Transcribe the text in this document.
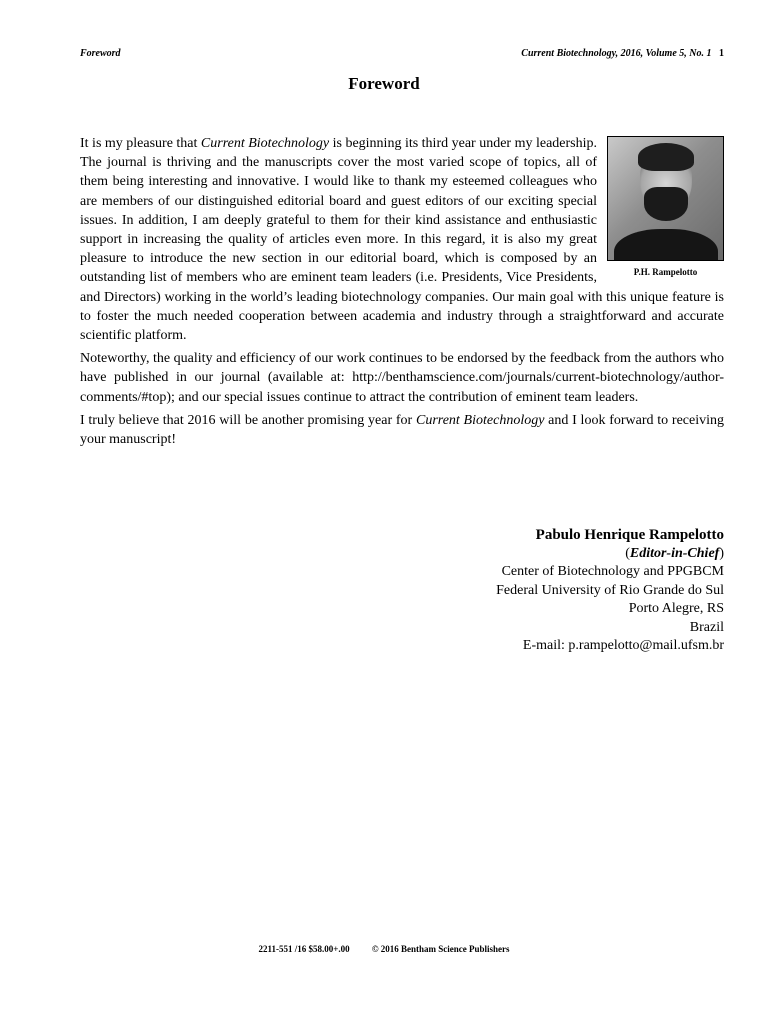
Foreword	Current Biotechnology, 2016, Volume 5, No. 1 1
Foreword
P.H. Rampelotto

It is my pleasure that Current Biotechnology is beginning its third year under my leadership. The journal is thriving and the manuscripts cover the most varied scope of topics, all of them being interesting and innovative. I would like to thank my esteemed colleagues who are members of our distinguished editorial board and guest editors of our exciting special issues. In addition, I am deeply grateful to them for their kind assistance and enthusiastic support in increasing the quality of articles even more. In this regard, it is also my great pleasure to introduce the new section in our editorial board, which is composed by an outstanding list of members who are eminent team leaders (i.e. Presidents, Vice Presidents, and Directors) working in the world’s leading biotechnology companies. Our main goal with this unique feature is to foster the much needed cooperation between academia and industry through a straightforward and accurate scientific platform.

Noteworthy, the quality and efficiency of our work continues to be endorsed by the feedback from the authors who have published in our journal (available at: http://benthamscience.com/journals/current-biotechnology/author-comments/#top); and our special issues continue to attract the contribution of eminent team leaders.

I truly believe that 2016 will be another promising year for Current Biotechnology and I look forward to receiving your manuscript!

Pabulo Henrique Rampelotto
(Editor-in-Chief)
Center of Biotechnology and PPGBCM
Federal University of Rio Grande do Sul
Porto Alegre, RS
Brazil
E-mail: p.rampelotto@mail.ufsm.br
2211-551 /16 $58.00+.00 © 2016 Bentham Science Publishers
